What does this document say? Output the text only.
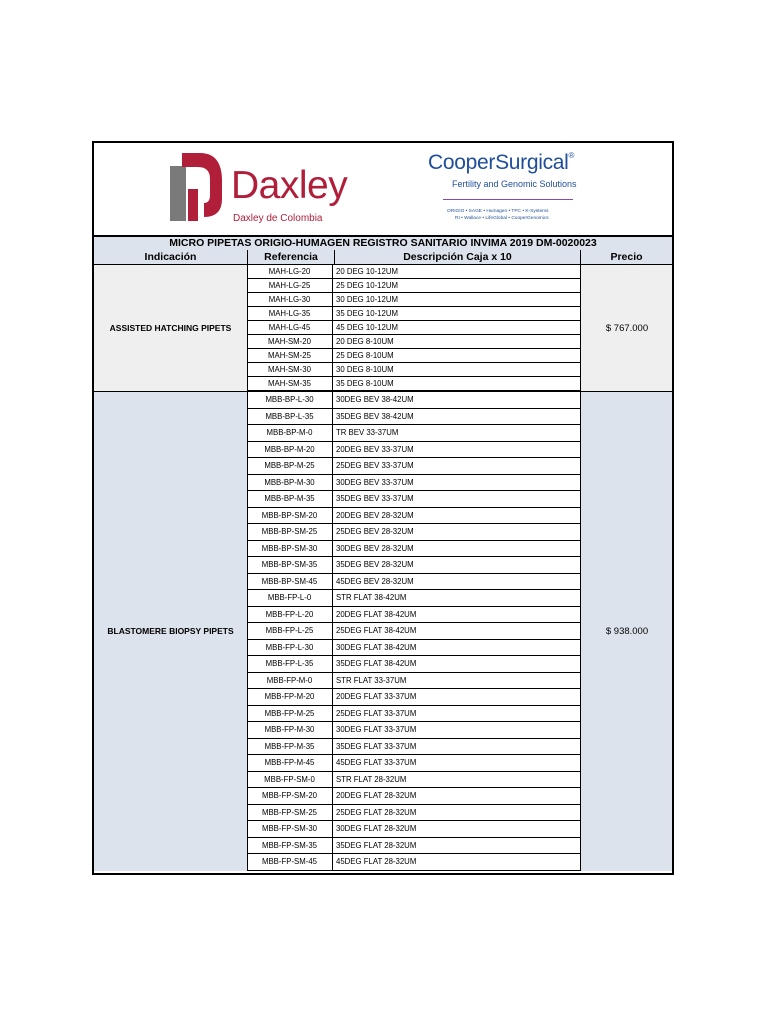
Daxley
Daxley de Colombia
CooperSurgical®
Fertility and Genomic Solutions
ORIGIO • SAGE • Humagen • TPC • K-Systems
RI • Wallace • LifeGlobal • CooperGenomics
MICRO PIPETAS ORIGIO-HUMAGEN REGISTRO SANITARIO INVIMA 2019 DM-0020023
Indicación	Referencia	Descripción Caja x 10	Precio
ASSISTED HATCHING PIPETS
MAH-LG-20	20 DEG 10-12UM
MAH-LG-25	25 DEG 10-12UM
MAH-LG-30	30 DEG 10-12UM
MAH-LG-35	35 DEG 10-12UM
MAH-LG-45	45 DEG 10-12UM
MAH-SM-20	20 DEG 8-10UM
MAH-SM-25	25 DEG 8-10UM
MAH-SM-30	30 DEG 8-10UM
MAH-SM-35	35 DEG 8-10UM
$ 767.000
BLASTOMERE BIOPSY PIPETS
MBB-BP-L-30	30DEG BEV 38-42UM
MBB-BP-L-35	35DEG BEV 38-42UM
MBB-BP-M-0	TR BEV 33-37UM
MBB-BP-M-20	20DEG BEV 33-37UM
MBB-BP-M-25	25DEG BEV 33-37UM
MBB-BP-M-30	30DEG BEV 33-37UM
MBB-BP-M-35	35DEG BEV 33-37UM
MBB-BP-SM-20	20DEG BEV 28-32UM
MBB-BP-SM-25	25DEG BEV 28-32UM
MBB-BP-SM-30	30DEG BEV 28-32UM
MBB-BP-SM-35	35DEG BEV 28-32UM
MBB-BP-SM-45	45DEG BEV 28-32UM
MBB-FP-L-0	STR FLAT 38-42UM
MBB-FP-L-20	20DEG FLAT 38-42UM
MBB-FP-L-25	25DEG FLAT 38-42UM
MBB-FP-L-30	30DEG FLAT 38-42UM
MBB-FP-L-35	35DEG FLAT 38-42UM
MBB-FP-M-0	STR FLAT 33-37UM
MBB-FP-M-20	20DEG FLAT 33-37UM
MBB-FP-M-25	25DEG FLAT 33-37UM
MBB-FP-M-30	30DEG FLAT 33-37UM
MBB-FP-M-35	35DEG FLAT 33-37UM
MBB-FP-M-45	45DEG FLAT 33-37UM
MBB-FP-SM-0	STR FLAT 28-32UM
MBB-FP-SM-20	20DEG FLAT 28-32UM
MBB-FP-SM-25	25DEG FLAT 28-32UM
MBB-FP-SM-30	30DEG FLAT 28-32UM
MBB-FP-SM-35	35DEG FLAT 28-32UM
MBB-FP-SM-45	45DEG FLAT 28-32UM
$ 938.000
